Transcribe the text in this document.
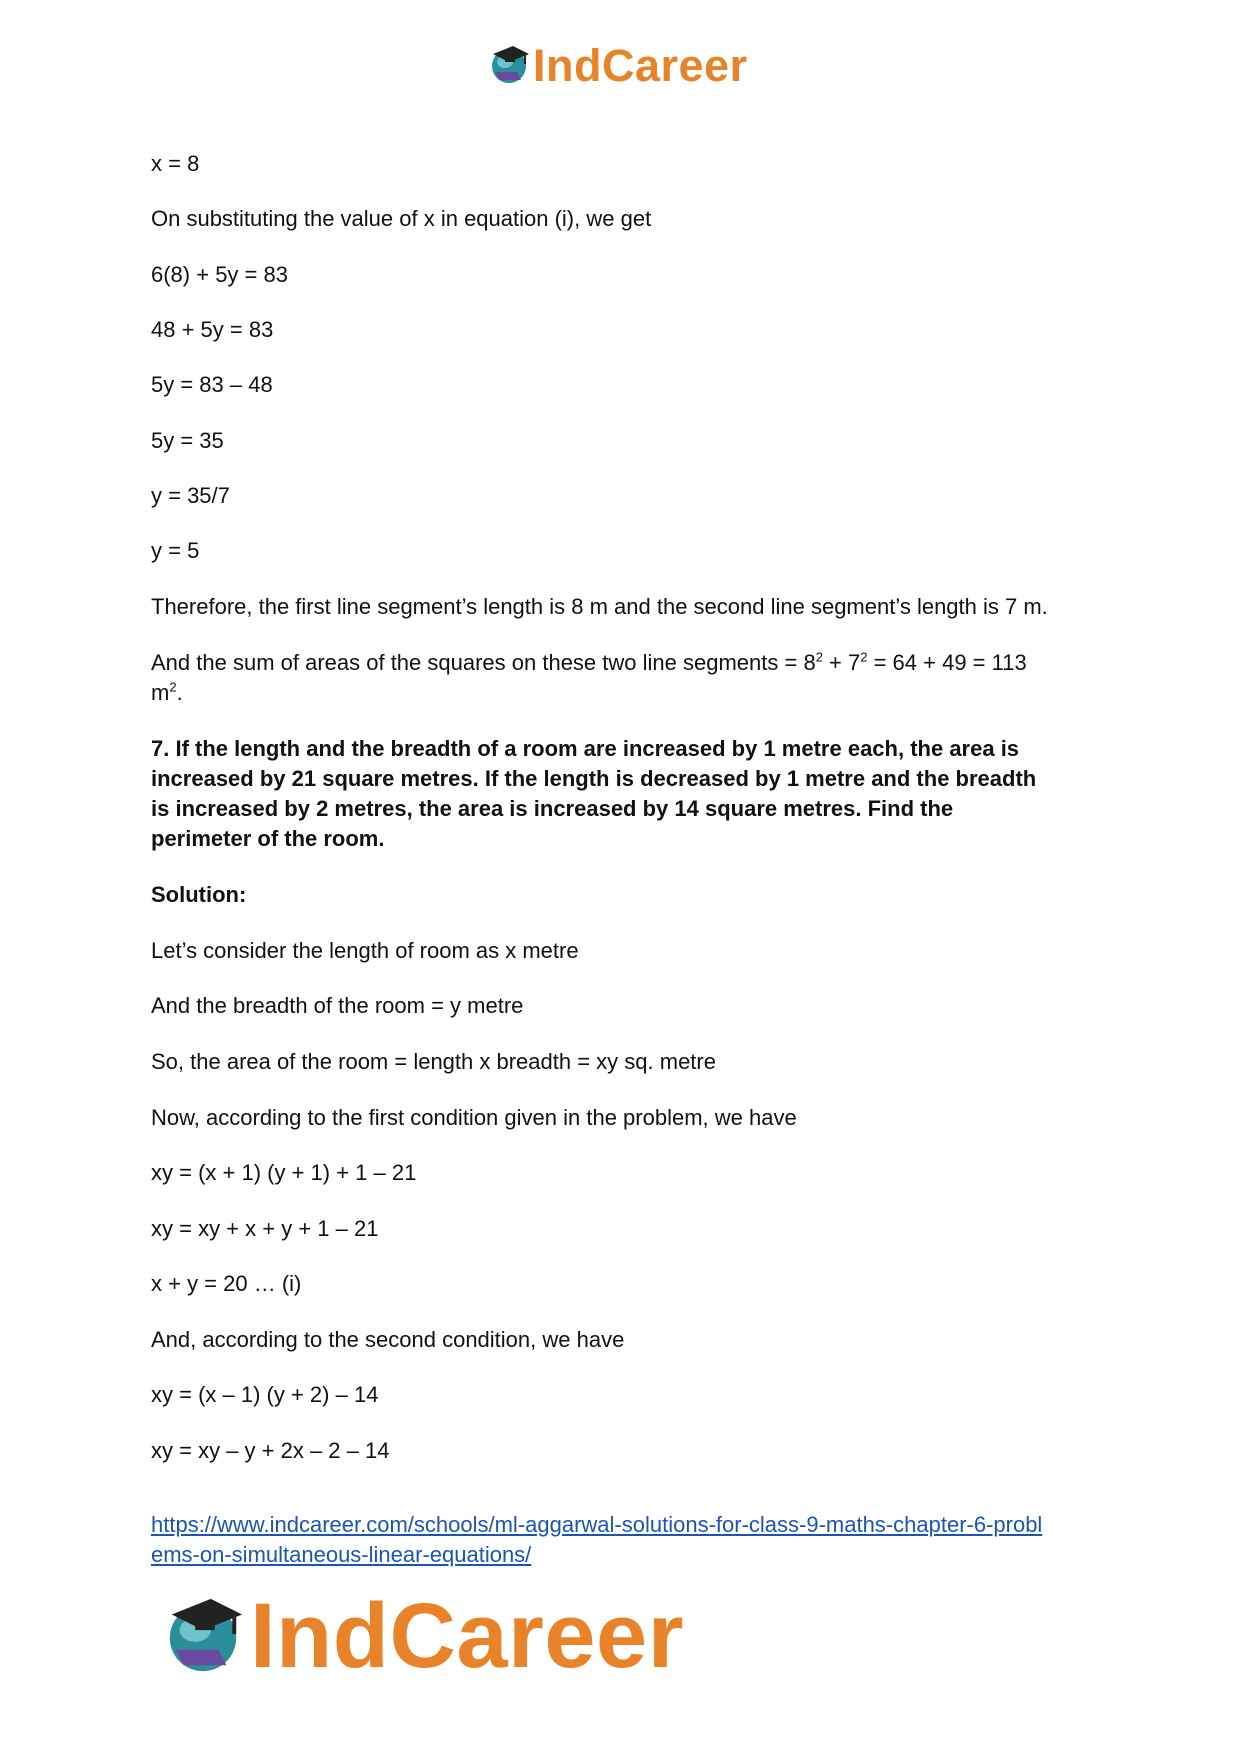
IndCareer
x = 8
On substituting the value of x in equation (i), we get
6(8) + 5y = 83
48 + 5y = 83
5y = 83 – 48
5y = 35
y = 35/7
y = 5
Therefore, the first line segment’s length is 8 m and the second line segment’s length is 7 m.
And the sum of areas of the squares on these two line segments = $8^2 + 7^2 = 64 + 49 = 113$
$m^2$.
7. If the length and the breadth of a room are increased by 1 metre each, the area is
increased by 21 square metres. If the length is decreased by 1 metre and the breadth
is increased by 2 metres, the area is increased by 14 square metres. Find the
perimeter of the room.
Solution:
Let’s consider the length of room as x metre
And the breadth of the room = y metre
So, the area of the room = length x breadth = xy sq. metre
Now, according to the first condition given in the problem, we have
xy = (x + 1) (y + 1) + 1 – 21
xy = xy + x + y + 1 – 21
x + y = 20 … (i)
And, according to the second condition, we have
xy = (x – 1) (y + 2) – 14
xy = xy – y + 2x – 2 – 14
https://www.indcareer.com/schools/ml-aggarwal-solutions-for-class-9-maths-chapter-6-probl
ems-on-simultaneous-linear-equations/
IndCareer
